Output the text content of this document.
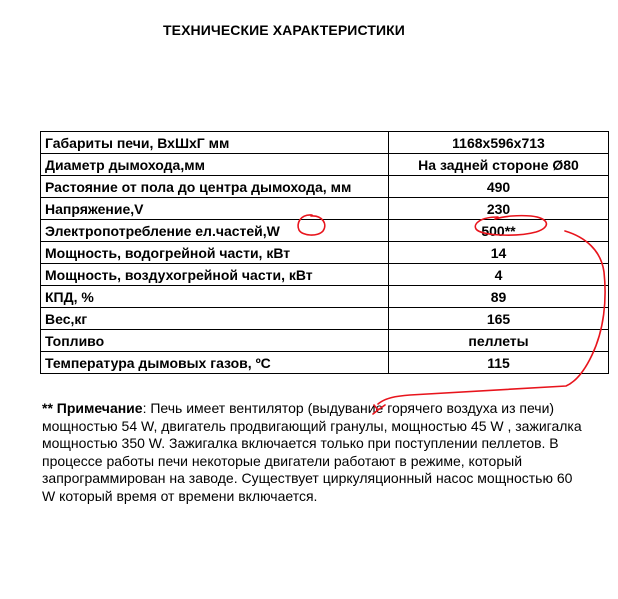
ТЕХНИЧЕСКИЕ ХАРАКТЕРИСТИКИ
Габариты печи, ВхШхГ мм	1168x596x713
Диаметр дымохода,мм	На задней стороне Ø80
Растояние от пола до центра дымохода, мм	490
Напряжение,V	230
Электропотребление ел.частей,W	500**
Мощность, водогрейной части, кВт	14
Мощность, воздухогрейной части, кВт	4
КПД, %	89
Вес,кг	165
Топливо	пеллеты
Температура дымовых газов, ºC	115

** Примечание: Печь имеет вентилятор (выдувание горячего воздуха из печи)

мощностью 54 W, двигатель продвигающий гранулы, мощностью 45 W , зажигалка мощностью 350 W. Зажигалка включается только при поступлении пеллетов. В процессе работы печи некоторые двигатели работают в режиме, который запрограммирован на заводе. Существует циркуляционный насос мощностью 60 W который время от времени включается.
